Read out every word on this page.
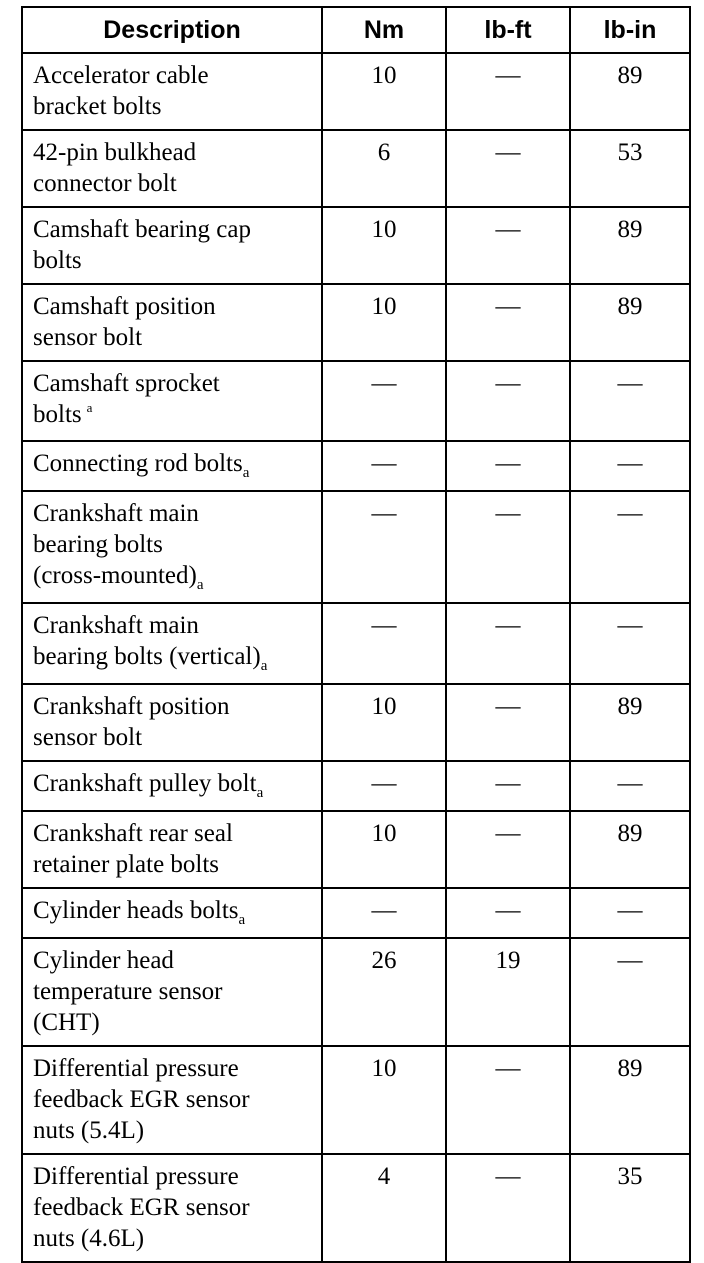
Description	Nm	lb-ft	lb-in
Accelerator cable
bracket bolts	10	—	89
42-pin bulkhead
connector bolt	6	—	53
Camshaft bearing cap
bolts	10	—	89
Camshaft position
sensor bolt	10	—	89
Camshaft sprocket
bolts $^a$	—	—	—
Connecting rod bolts$_a$	—	—	—
Crankshaft main
bearing bolts
$(cross-mounted)_a$	—	—	—
Crankshaft main
bearing bolts $(vertical)_a$	—	—	—
Crankshaft position
sensor bolt	10	—	89
Crankshaft pulley bolt$_a$	—	—	—
Crankshaft rear seal
retainer plate bolts	10	—	89
Cylinder heads bolts$_a$	—	—	—
Cylinder head
temperature sensor
(CHT)	26	19	—
Differential pressure
feedback EGR sensor
nuts (5.4L)	10	—	89
Differential pressure
feedback EGR sensor
nuts (4.6L)	4	—	35
